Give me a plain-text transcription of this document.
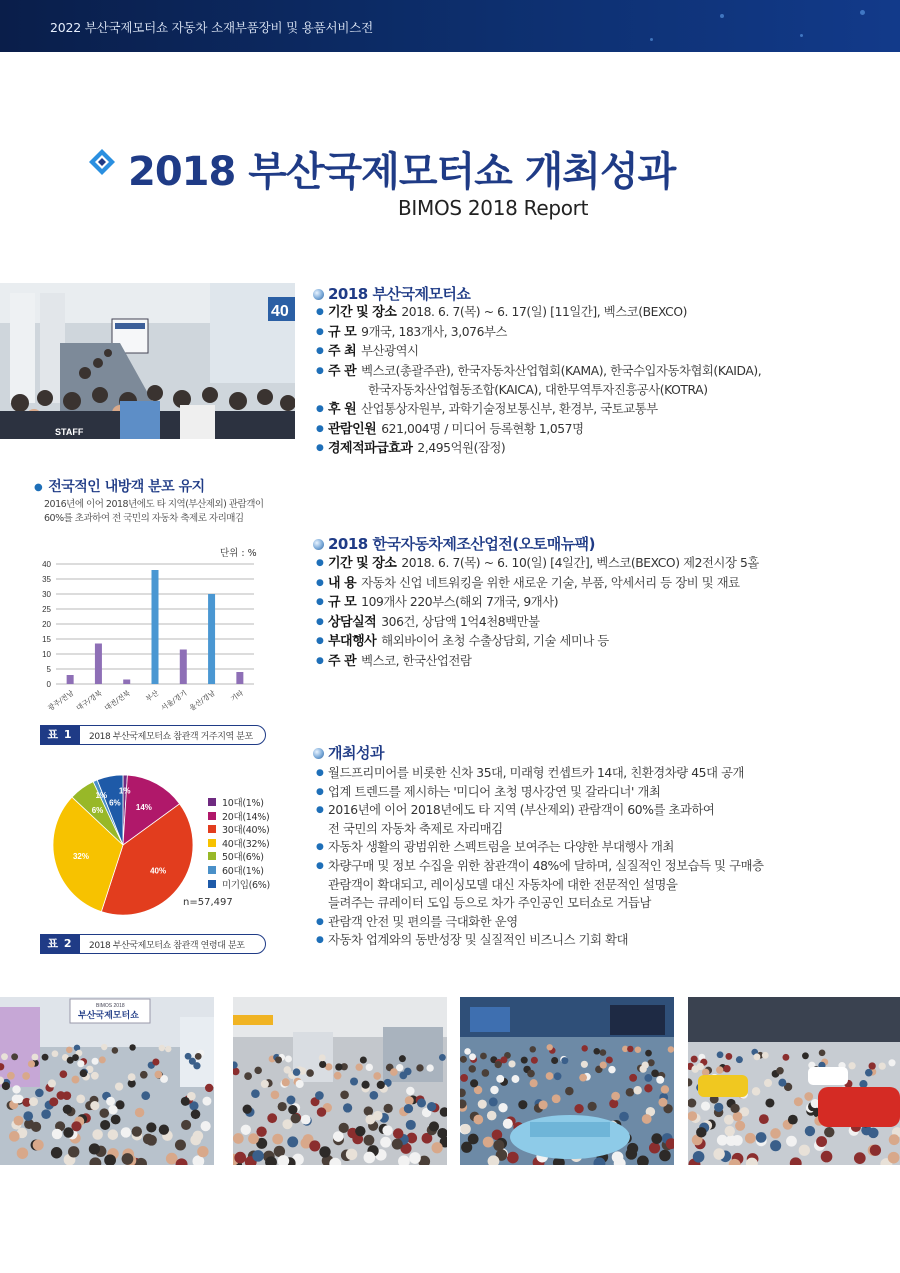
2022 부산국제모터쇼 자동차 소재부품장비 및 용품서비스전
2018 부산국제모터쇼 개최성과
BIMOS 2018 Report
40
STAFF
2018 부산국제모터쇼
● 기간 및 장소 2018. 6. 7(목) ~ 6. 17(일) [11일간], 벡스코(BEXCO)
● 규 모 9개국, 183개사, 3,076부스
● 주 최 부산광역시
● 주 관 벡스코(총괄주관), 한국자동차산업협회(KAMA), 한국수입자동차협회(KAIDA),
한국자동차산업협동조합(KAICA), 대한무역투자진흥공사(KOTRA)
● 후 원 산업통상자원부, 과학기술정보통신부, 환경부, 국토교통부
● 관람인원 621,004명 / 미디어 등록현황 1,057명
● 경제적파급효과 2,495억원(잠정)
● 전국적인 내방객 분포 유지
2016년에 이어 2018년에도 타 지역(부산제외) 관람객이
60%를 초과하여 전 국민의 자동차 축제로 자리매김
단위 : %
0
5
10
15
20
25
30
35
40
광주/전남 대구/경북 대전/전북 부산 서울/경기 울산/경남 기타
표 1	2018 부산국제모터쇼 참관객 거주지역 분포
1%
14%
40%
32%
6%
1%
6%	10대(1%)
20대(14%)
30대(40%)
40대(32%)
50대(6%)
60대(1%)
미기입(6%)
n=57,497
표 2	2018 부산국제모터쇼 참관객 연령대 분포
2018 한국자동차제조산업전(오토매뉴팩)
● 기간 및 장소 2018. 6. 7(목) ~ 6. 10(일) [4일간], 벡스코(BEXCO) 제2전시장 5홀
● 내 용 자동차 신업 네트워킹을 위한 새로운 기술, 부품, 악세서리 등 장비 및 재료
● 규 모 109개사 220부스(해외 7개국, 9개사)
● 상담실적 306건, 상담액 1억4천8백만불
● 부대행사 해외바이어 초청 수출상담회, 기술 세미나 등
● 주 관 벡스코, 한국산업전람
개최성과
● 월드프리미어를 비롯한 신차 35대, 미래형 컨셉트카 14대, 친환경차량 45대 공개
● 업계 트렌드를 제시하는 '미디어 초청 명사강연 및 갈라디너' 개최
● 2016년에 이어 2018년에도 타 지역 (부산제외) 관람객이 60%를 초과하여
전 국민의 자동차 축제로 자리매김
● 자동차 생활의 광범위한 스펙트럼을 보여주는 다양한 부대행사 개최
● 차량구매 및 정보 수집을 위한 참관객이 48%에 달하며, 실질적인 정보습득 및 구매층
관람객이 확대되고, 레이싱모델 대신 자동차에 대한 전문적인 설명을
들려주는 큐레이터 도입 등으로 차가 주인공인 모터쇼로 거듭남
● 관람객 안전 및 편의를 극대화한 운영
● 자동차 업계와의 동반성장 및 실질적인 비즈니스 기회 확대
BIMOS 2018
부산국제모터쇼
